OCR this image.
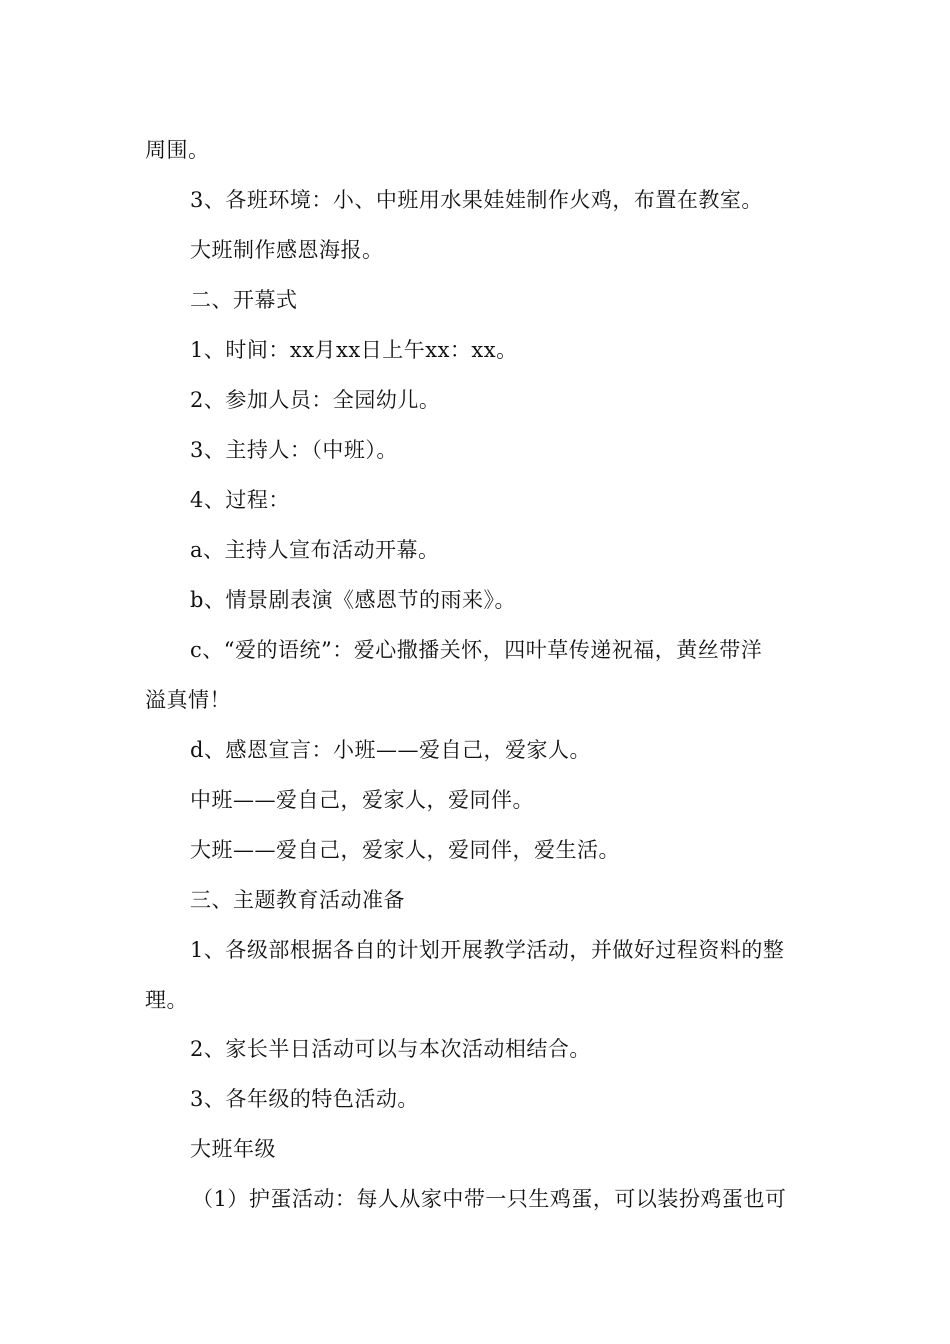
周围。
3、各班环境：小、中班用水果娃娃制作火鸡，布置在教室。
大班制作感恩海报。
二、开幕式
1、时间：xx月xx日上午xx：xx。
2、参加人员：全园幼儿。
3、主持人：（中班）。
4、过程：
a、主持人宣布活动开幕。
b、情景剧表演《感恩节的雨来》。
c、“爱的语统”：爱心撒播关怀，四叶草传递祝福，黄丝带洋
溢真情！
d、感恩宣言：小班——爱自己，爱家人。
中班——爱自己，爱家人，爱同伴。
大班——爱自己，爱家人，爱同伴，爱生活。
三、主题教育活动准备
1、各级部根据各自的计划开展教学活动，并做好过程资料的整
理。
2、家长半日活动可以与本次活动相结合。
3、各年级的特色活动。
大班年级
（1）护蛋活动：每人从家中带一只生鸡蛋，可以装扮鸡蛋也可
